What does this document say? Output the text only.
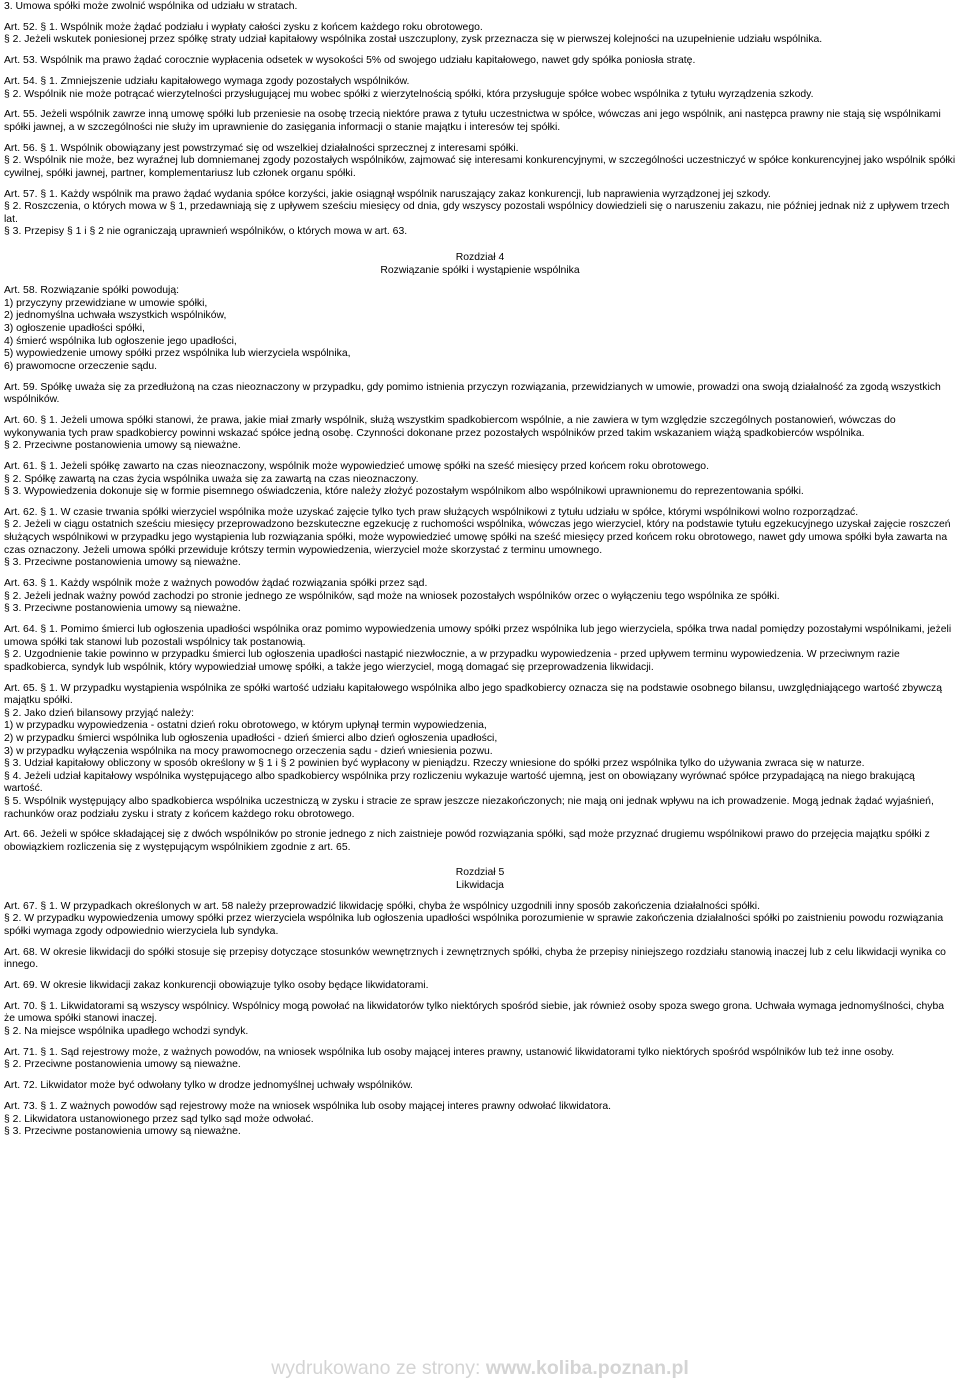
3. Umowa spółki może zwolnić wspólnika od udziału w stratach.
Art. 52. § 1. Wspólnik może żądać podziału i wypłaty całości zysku z końcem każdego roku obrotowego.
§ 2. Jeżeli wskutek poniesionej przez spółkę straty udział kapitałowy wspólnika został uszczuplony, zysk przeznacza się w pierwszej kolejności na uzupełnienie udziału wspólnika.
Art. 53. Wspólnik ma prawo żądać corocznie wypłacenia odsetek w wysokości 5% od swojego udziału kapitałowego, nawet gdy spółka poniosła stratę.
Art. 54. § 1. Zmniejszenie udziału kapitałowego wymaga zgody pozostałych wspólników.
§ 2. Wspólnik nie może potrącać wierzytelności przysługującej mu wobec spółki z wierzytelnością spółki, która przysługuje spółce wobec wspólnika z tytułu wyrządzenia szkody.
Art. 55. Jeżeli wspólnik zawrze inną umowę spółki lub przeniesie na osobę trzecią niektóre prawa z tytułu uczestnictwa w spółce, wówczas ani jego wspólnik, ani następca prawny nie stają się wspólnikami spółki jawnej, a w szczególności nie służy im uprawnienie do zasięgania informacji o stanie majątku i interesów tej spółki.
Art. 56. § 1. Wspólnik obowiązany jest powstrzymać się od wszelkiej działalności sprzecznej z interesami spółki.
§ 2. Wspólnik nie może, bez wyraźnej lub domniemanej zgody pozostałych wspólników, zajmować się interesami konkurencyjnymi, w szczególności uczestniczyć w spółce konkurencyjnej jako wspólnik spółki cywilnej, spółki jawnej, partner, komplementariusz lub członek organu spółki.
Art. 57. § 1. Każdy wspólnik ma prawo żądać wydania spółce korzyści, jakie osiągnął wspólnik naruszający zakaz konkurencji, lub naprawienia wyrządzonej jej szkody.
§ 2. Roszczenia, o których mowa w § 1, przedawniają się z upływem sześciu miesięcy od dnia, gdy wszyscy pozostali wspólnicy dowiedzieli się o naruszeniu zakazu, nie później jednak niż z upływem trzech lat.
§ 3. Przepisy § 1 i § 2 nie ograniczają uprawnień wspólników, o których mowa w art. 63.
Rozdział 4
Rozwiązanie spółki i wystąpienie wspólnika
Art. 58. Rozwiązanie spółki powodują:
1) przyczyny przewidziane w umowie spółki,
2) jednomyślna uchwała wszystkich wspólników,
3) ogłoszenie upadłości spółki,
4) śmierć wspólnika lub ogłoszenie jego upadłości,
5) wypowiedzenie umowy spółki przez wspólnika lub wierzyciela wspólnika,
6) prawomocne orzeczenie sądu.
Art. 59. Spółkę uważa się za przedłużoną na czas nieoznaczony w przypadku, gdy pomimo istnienia przyczyn rozwiązania, przewidzianych w umowie, prowadzi ona swoją działalność za zgodą wszystkich wspólników.
Art. 60. § 1. Jeżeli umowa spółki stanowi, że prawa, jakie miał zmarły wspólnik, służą wszystkim spadkobiercom wspólnie, a nie zawiera w tym względzie szczególnych postanowień, wówczas do wykonywania tych praw spadkobiercy powinni wskazać spółce jedną osobę. Czynności dokonane przez pozostałych wspólników przed takim wskazaniem wiążą spadkobierców wspólnika.
§ 2. Przeciwne postanowienia umowy są nieważne.
Art. 61. § 1. Jeżeli spółkę zawarto na czas nieoznaczony, wspólnik może wypowiedzieć umowę spółki na sześć miesięcy przed końcem roku obrotowego.
§ 2. Spółkę zawartą na czas życia wspólnika uważa się za zawartą na czas nieoznaczony.
§ 3. Wypowiedzenia dokonuje się w formie pisemnego oświadczenia, które należy złożyć pozostałym wspólnikom albo wspólnikowi uprawnionemu do reprezentowania spółki.
Art. 62. § 1. W czasie trwania spółki wierzyciel wspólnika może uzyskać zajęcie tylko tych praw służących wspólnikowi z tytułu udziału w spółce, którymi wspólnikowi wolno rozporządzać.
§ 2. Jeżeli w ciągu ostatnich sześciu miesięcy przeprowadzono bezskuteczne egzekucję z ruchomości wspólnika, wówczas jego wierzyciel, który na podstawie tytułu egzekucyjnego uzyskał zajęcie roszczeń służących wspólnikowi w przypadku jego wystąpienia lub rozwiązania spółki, może wypowiedzieć umowę spółki na sześć miesięcy przed końcem roku obrotowego, nawet gdy umowa spółki była zawarta na czas oznaczony. Jeżeli umowa spółki przewiduje krótszy termin wypowiedzenia, wierzyciel może skorzystać z terminu umownego.
§ 3. Przeciwne postanowienia umowy są nieważne.
Art. 63. § 1. Każdy wspólnik może z ważnych powodów żądać rozwiązania spółki przez sąd.
§ 2. Jeżeli jednak ważny powód zachodzi po stronie jednego ze wspólników, sąd może na wniosek pozostałych wspólników orzec o wyłączeniu tego wspólnika ze spółki.
§ 3. Przeciwne postanowienia umowy są nieważne.
Art. 64. § 1. Pomimo śmierci lub ogłoszenia upadłości wspólnika oraz pomimo wypowiedzenia umowy spółki przez wspólnika lub jego wierzyciela, spółka trwa nadal pomiędzy pozostałymi wspólnikami, jeżeli umowa spółki tak stanowi lub pozostali wspólnicy tak postanowią.
§ 2. Uzgodnienie takie powinno w przypadku śmierci lub ogłoszenia upadłości nastąpić niezwłocznie, a w przypadku wypowiedzenia - przed upływem terminu wypowiedzenia. W przeciwnym razie spadkobierca, syndyk lub wspólnik, który wypowiedział umowę spółki, a także jego wierzyciel, mogą domagać się przeprowadzenia likwidacji.
Art. 65. § 1. W przypadku wystąpienia wspólnika ze spółki wartość udziału kapitałowego wspólnika albo jego spadkobiercy oznacza się na podstawie osobnego bilansu, uwzględniającego wartość zbywczą majątku spółki.
§ 2. Jako dzień bilansowy przyjąć należy:
1) w przypadku wypowiedzenia - ostatni dzień roku obrotowego, w którym upłynął termin wypowiedzenia,
2) w przypadku śmierci wspólnika lub ogłoszenia upadłości - dzień śmierci albo dzień ogłoszenia upadłości,
3) w przypadku wyłączenia wspólnika na mocy prawomocnego orzeczenia sądu - dzień wniesienia pozwu.
§ 3. Udział kapitałowy obliczony w sposób określony w § 1 i § 2 powinien być wypłacony w pieniądzu. Rzeczy wniesione do spółki przez wspólnika tylko do używania zwraca się w naturze.
§ 4. Jeżeli udział kapitałowy wspólnika występującego albo spadkobiercy wspólnika przy rozliczeniu wykazuje wartość ujemną, jest on obowiązany wyrównać spółce przypadającą na niego brakującą wartość.
§ 5. Wspólnik występujący albo spadkobierca wspólnika uczestniczą w zysku i stracie ze spraw jeszcze niezakończonych; nie mają oni jednak wpływu na ich prowadzenie. Mogą jednak żądać wyjaśnień, rachunków oraz podziału zysku i straty z końcem każdego roku obrotowego.
Art. 66. Jeżeli w spółce składającej się z dwóch wspólników po stronie jednego z nich zaistnieje powód rozwiązania spółki, sąd może przyznać drugiemu wspólnikowi prawo do przejęcia majątku spółki z obowiązkiem rozliczenia się z występującym wspólnikiem zgodnie z art. 65.
Rozdział 5
Likwidacja
Art. 67. § 1. W przypadkach określonych w art. 58 należy przeprowadzić likwidację spółki, chyba że wspólnicy uzgodnili inny sposób zakończenia działalności spółki.
§ 2. W przypadku wypowiedzenia umowy spółki przez wierzyciela wspólnika lub ogłoszenia upadłości wspólnika porozumienie w sprawie zakończenia działalności spółki po zaistnieniu powodu rozwiązania spółki wymaga zgody odpowiednio wierzyciela lub syndyka.
Art. 68. W okresie likwidacji do spółki stosuje się przepisy dotyczące stosunków wewnętrznych i zewnętrznych spółki, chyba że przepisy niniejszego rozdziału stanowią inaczej lub z celu likwidacji wynika co innego.
Art. 69. W okresie likwidacji zakaz konkurencji obowiązuje tylko osoby będące likwidatorami.
Art. 70. § 1. Likwidatorami są wszyscy wspólnicy. Wspólnicy mogą powołać na likwidatorów tylko niektórych spośród siebie, jak również osoby spoza swego grona. Uchwała wymaga jednomyślności, chyba że umowa spółki stanowi inaczej.
§ 2. Na miejsce wspólnika upadłego wchodzi syndyk.
Art. 71. § 1. Sąd rejestrowy może, z ważnych powodów, na wniosek wspólnika lub osoby mającej interes prawny, ustanowić likwidatorami tylko niektórych spośród wspólników lub też inne osoby.
§ 2. Przeciwne postanowienia umowy są nieważne.
Art. 72. Likwidator może być odwołany tylko w drodze jednomyślnej uchwały wspólników.
Art. 73. § 1. Z ważnych powodów sąd rejestrowy może na wniosek wspólnika lub osoby mającej interes prawny odwołać likwidatora.
§ 2. Likwidatora ustanowionego przez sąd tylko sąd może odwołać.
§ 3. Przeciwne postanowienia umowy są nieważne.
wydrukowano ze strony: www.koliba.poznan.pl
